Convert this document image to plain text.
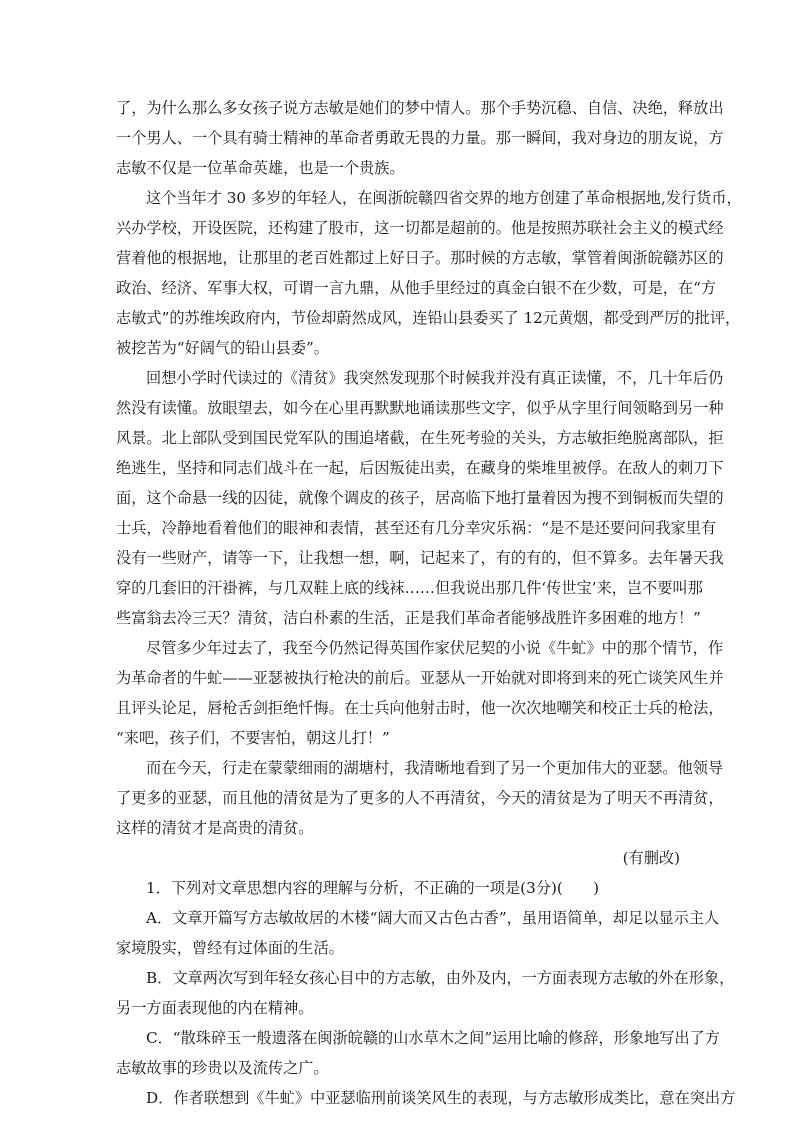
了，为什么那么多女孩子说方志敏是她们的梦中情人。那个手势沉稳、自信、决绝，释放出
一个男人、一个具有骑士精神的革命者勇敢无畏的力量。那一瞬间，我对身边的朋友说，方
志敏不仅是一位革命英雄，也是一个贵族。
这个当年才 30 多岁的年轻人，在闽浙皖赣四省交界的地方创建了革命根据地,发行货币，
兴办学校，开设医院，还构建了股市，这一切都是超前的。他是按照苏联社会主义的模式经
营着他的根据地，让那里的老百姓都过上好日子。那时候的方志敏，掌管着闽浙皖赣苏区的
政治、经济、军事大权，可谓一言九鼎，从他手里经过的真金白银不在少数，可是，在“方
志敏式”的苏维埃政府内，节俭却蔚然成风，连铅山县委买了 12元黄烟，都受到严厉的批评，
被挖苦为“好阔气的铅山县委”。
回想小学时代读过的《清贫》我突然发现那个时候我并没有真正读懂，不，几十年后仍
然没有读懂。放眼望去，如今在心里再默默地诵读那些文字，似乎从字里行间领略到另一种
风景。北上部队受到国民党军队的围追堵截，在生死考验的关头，方志敏拒绝脱离部队，拒
绝逃生，坚持和同志们战斗在一起，后因叛徒出卖，在藏身的柴堆里被俘。在敌人的刺刀下
面，这个命悬一线的囚徒，就像个调皮的孩子，居高临下地打量着因为搜不到铜板而失望的
士兵，冷静地看着他们的眼神和表情，甚至还有几分幸灾乐祸：“是不是还要问问我家里有
没有一些财产，请等一下，让我想一想，啊，记起来了，有的有的，但不算多。去年暑天我
穿的几套旧的汗褂裤，与几双鞋上底的线袜……但我说出那几件‘传世宝’来，岂不要叫那
些富翁去冷三天？清贫，洁白朴素的生活，正是我们革命者能够战胜许多困难的地方！”
尽管多少年过去了，我至今仍然记得英国作家伏尼契的小说《牛虻》中的那个情节，作
为革命者的牛虻——亚瑟被执行枪决的前后。亚瑟从一开始就对即将到来的死亡谈笑风生并
且评头论足，唇枪舌剑拒绝忏悔。在士兵向他射击时，他一次次地嘲笑和校正士兵的枪法，
“来吧，孩子们，不要害怕，朝这儿打！”
而在今天，行走在蒙蒙细雨的湖塘村，我清晰地看到了另一个更加伟大的亚瑟。他领导
了更多的亚瑟，而且他的清贫是为了更多的人不再清贫，今天的清贫是为了明天不再清贫，
这样的清贫才是高贵的清贫。
(有删改)
1．下列对文章思想内容的理解与分析，不正确的一项是(3分)(　　)
A．文章开篇写方志敏故居的木楼“阔大而又古色古香”，虽用语简单，却足以显示主人
家境殷实，曾经有过体面的生活。
B．文章两次写到年轻女孩心目中的方志敏，由外及内，一方面表现方志敏的外在形象，
另一方面表现他的内在精神。
C．“散珠碎玉一般遗落在闽浙皖赣的山水草木之间”运用比喻的修辞，形象地写出了方
志敏故事的珍贵以及流传之广。
D．作者联想到《牛虻》中亚瑟临刑前谈笑风生的表现，与方志敏形成类比，意在突出方
